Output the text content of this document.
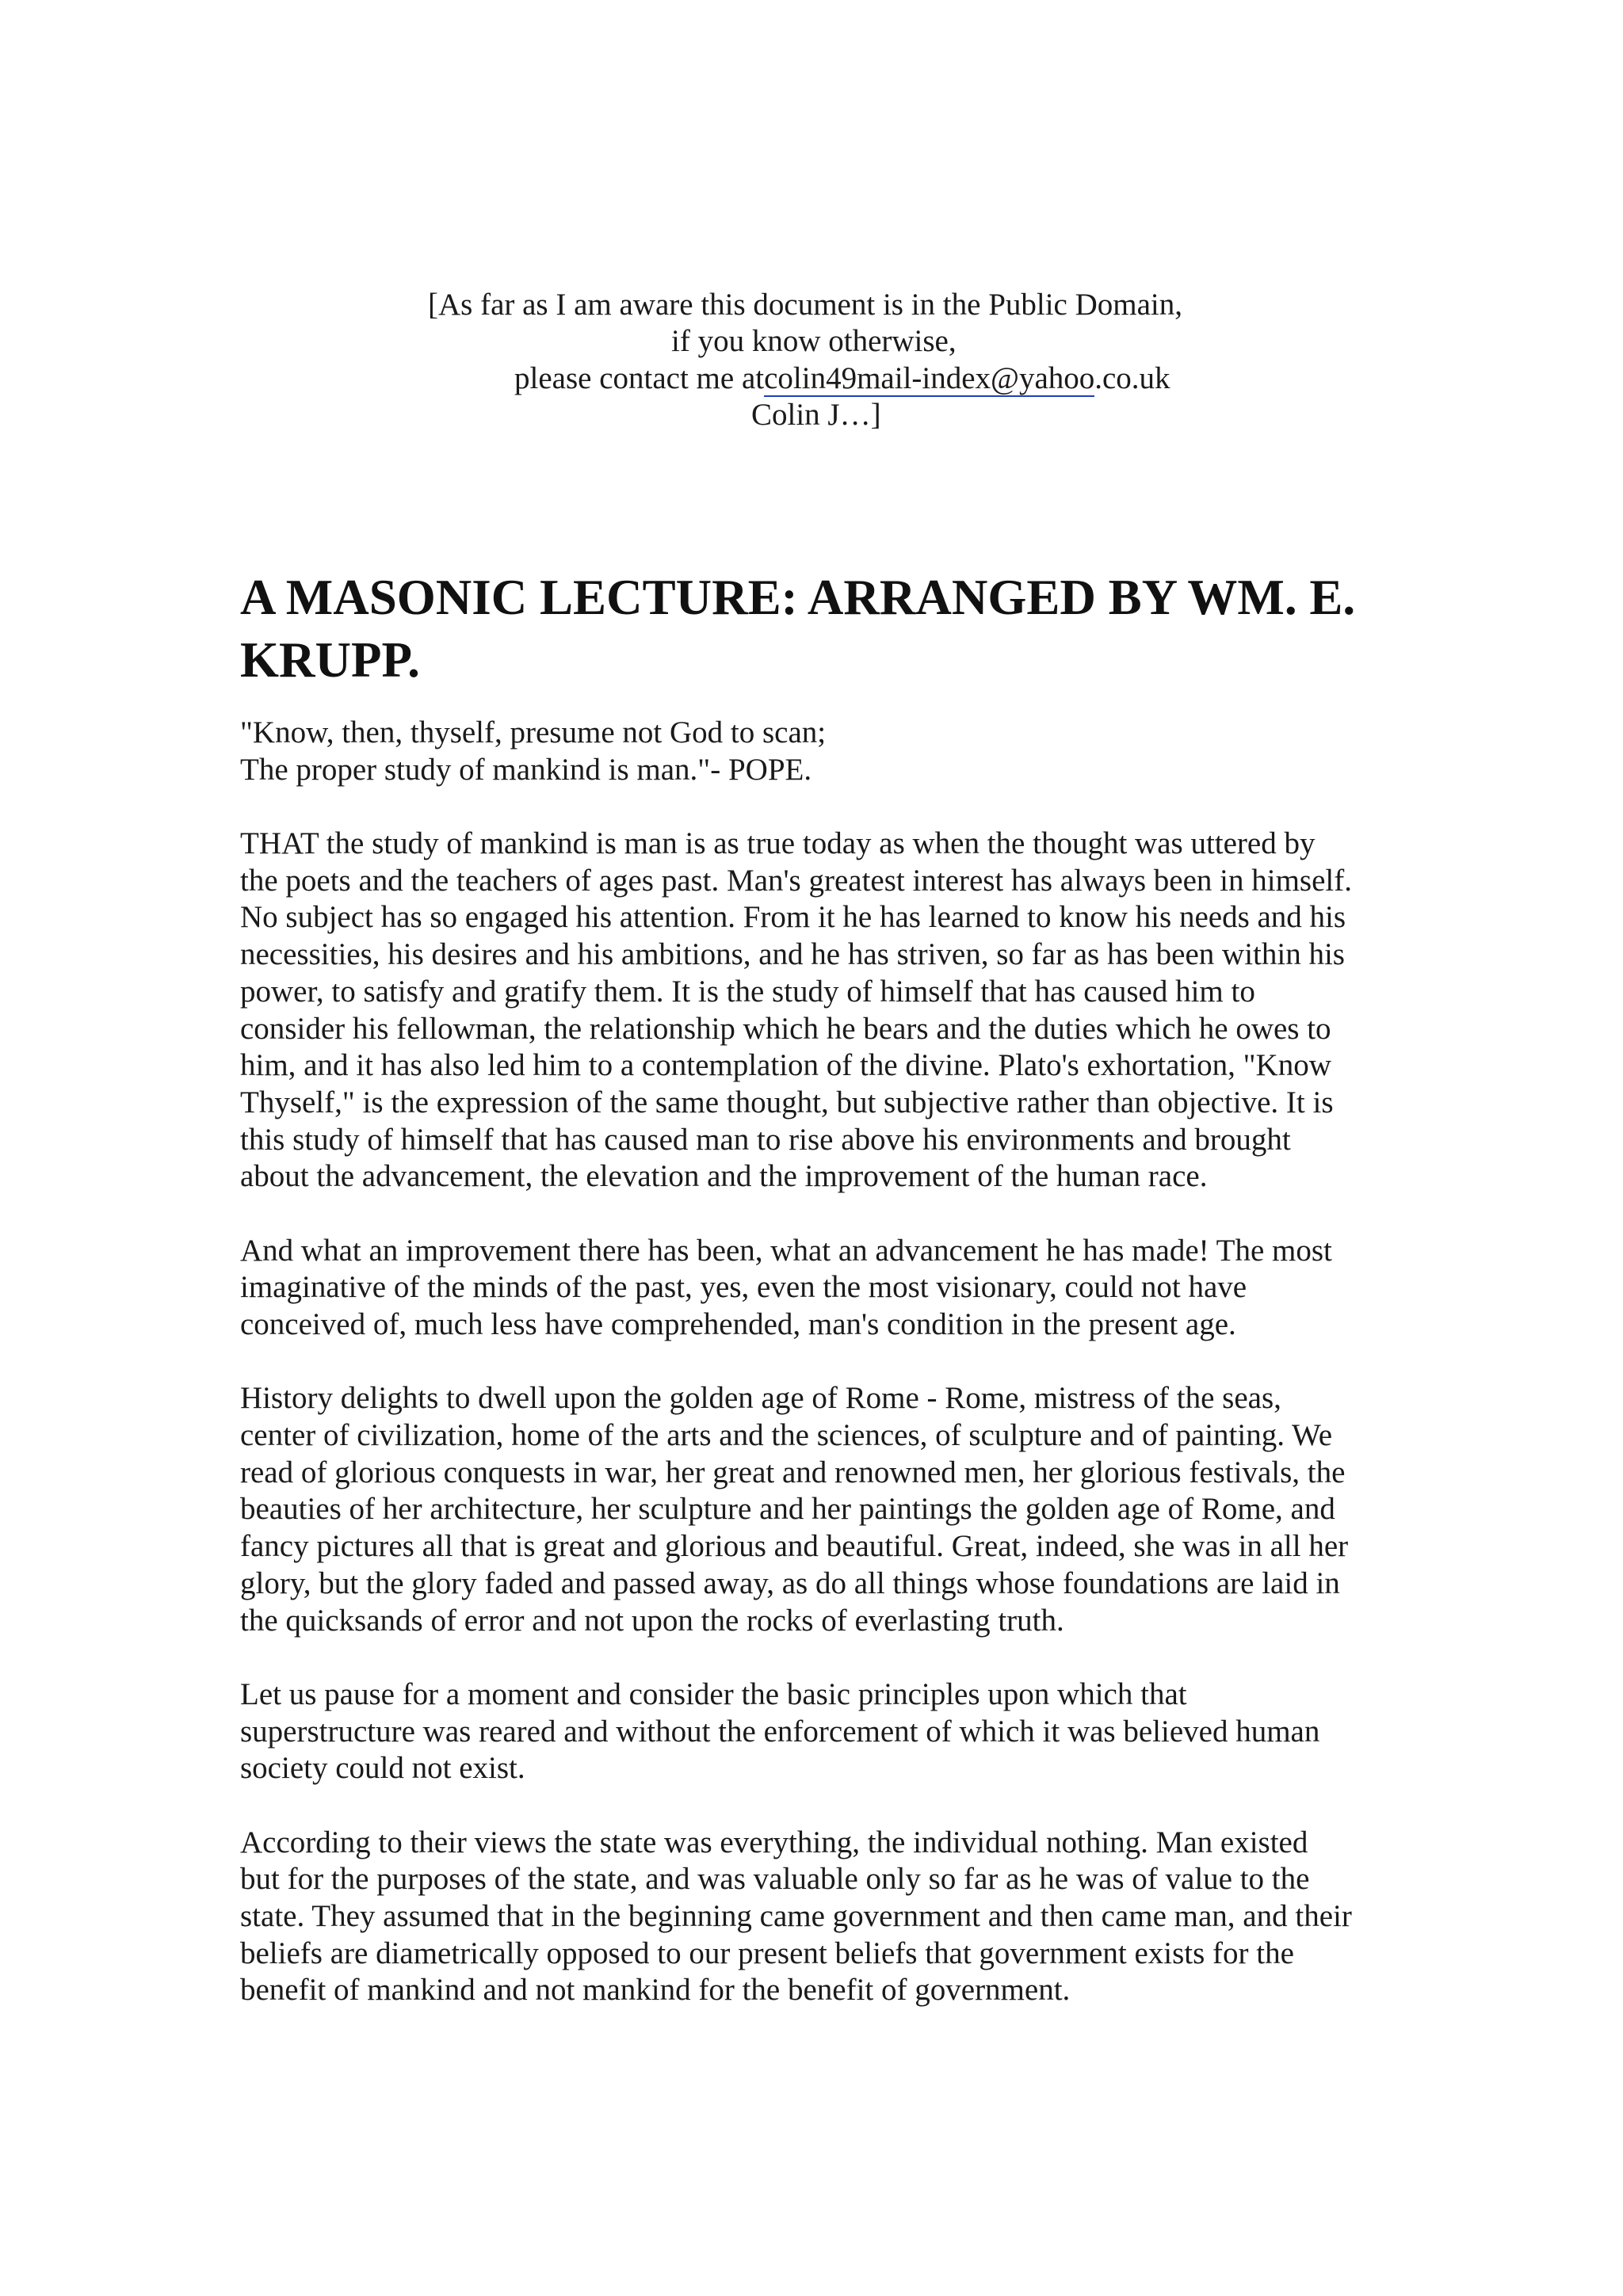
[As far as I am aware this document is in the Public Domain,
if you know otherwise,
please contact me atcolin49mail-index@yahoo.co.uk
Colin J…]
A MASONIC LECTURE: ARRANGED BY WM. E.
KRUPP.
"Know, then, thyself, presume not God to scan;
The proper study of mankind is man."- POPE.
THAT the study of mankind is man is as true today as when the thought was uttered by
the poets and the teachers of ages past. Man's greatest interest has always been in himself.
No subject has so engaged his attention. From it he has learned to know his needs and his
necessities, his desires and his ambitions, and he has striven, so far as has been within his
power, to satisfy and gratify them. It is the study of himself that has caused him to
consider his fellowman, the relationship which he bears and the duties which he owes to
him, and it has also led him to a contemplation of the divine. Plato's exhortation, "Know
Thyself," is the expression of the same thought, but subjective rather than objective. It is
this study of himself that has caused man to rise above his environments and brought
about the advancement, the elevation and the improvement of the human race.
And what an improvement there has been, what an advancement he has made! The most
imaginative of the minds of the past, yes, even the most visionary, could not have
conceived of, much less have comprehended, man's condition in the present age.
History delights to dwell upon the golden age of Rome - Rome, mistress of the seas,
center of civilization, home of the arts and the sciences, of sculpture and of painting. We
read of glorious conquests in war, her great and renowned men, her glorious festivals, the
beauties of her architecture, her sculpture and her paintings the golden age of Rome, and
fancy pictures all that is great and glorious and beautiful. Great, indeed, she was in all her
glory, but the glory faded and passed away, as do all things whose foundations are laid in
the quicksands of error and not upon the rocks of everlasting truth.
Let us pause for a moment and consider the basic principles upon which that
superstructure was reared and without the enforcement of which it was believed human
society could not exist.
According to their views the state was everything, the individual nothing. Man existed
but for the purposes of the state, and was valuable only so far as he was of value to the
state. They assumed that in the beginning came government and then came man, and their
beliefs are diametrically opposed to our present beliefs that government exists for the
benefit of mankind and not mankind for the benefit of government.
